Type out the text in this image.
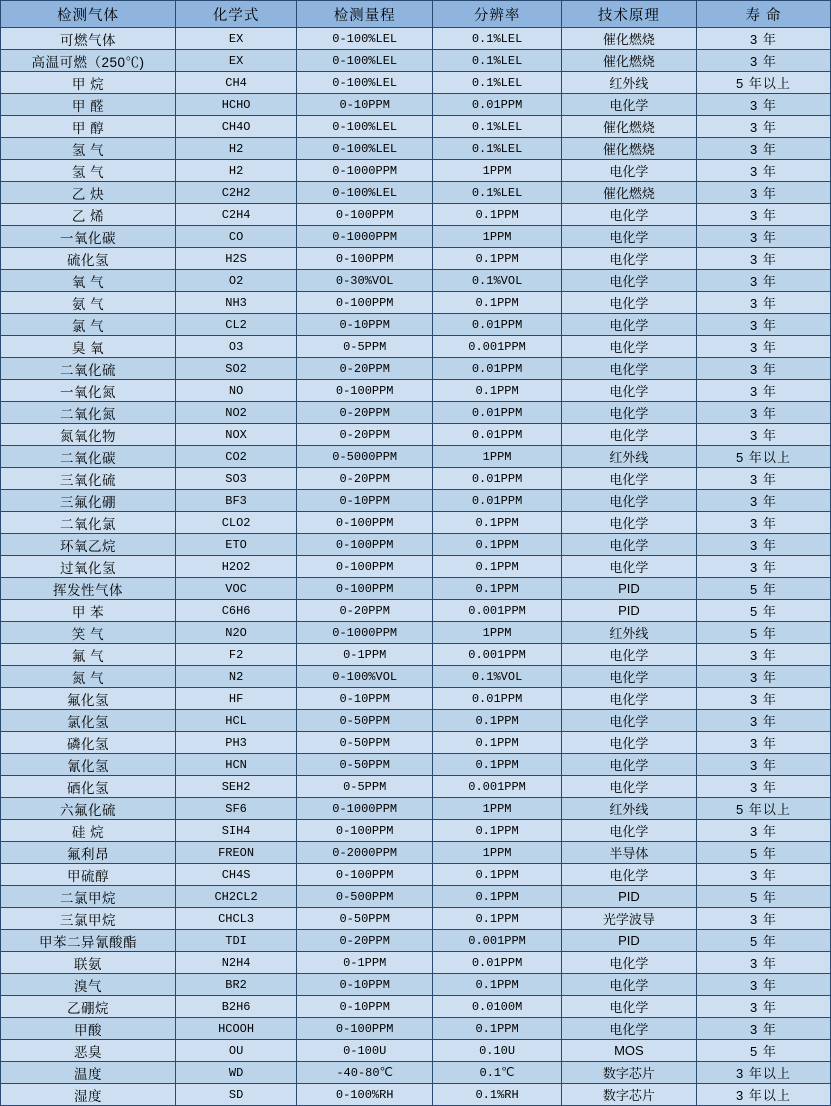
检测气体	化学式	检测量程	分辨率	技术原理	寿 命
可燃气体	EX	0-100%LEL	0.1%LEL	催化燃烧	3 年
高温可燃（250℃)	EX	0-100%LEL	0.1%LEL	催化燃烧	3 年
甲 烷	CH4	0-100%LEL	0.1%LEL	红外线	5 年以上
甲 醛	HCHO	0-10PPM	0.01PPM	电化学	3 年
甲 醇	CH4O	0-100%LEL	0.1%LEL	催化燃烧	3 年
氢 气	H2	0-100%LEL	0.1%LEL	催化燃烧	3 年
氢 气	H2	0-1000PPM	1PPM	电化学	3 年
乙 炔	C2H2	0-100%LEL	0.1%LEL	催化燃烧	3 年
乙 烯	C2H4	0-100PPM	0.1PPM	电化学	3 年
一氧化碳	CO	0-1000PPM	1PPM	电化学	3 年
硫化氢	H2S	0-100PPM	0.1PPM	电化学	3 年
氧 气	O2	0-30%VOL	0.1%VOL	电化学	3 年
氨 气	NH3	0-100PPM	0.1PPM	电化学	3 年
氯 气	CL2	0-10PPM	0.01PPM	电化学	3 年
臭 氧	O3	0-5PPM	0.001PPM	电化学	3 年
二氧化硫	SO2	0-20PPM	0.01PPM	电化学	3 年
一氧化氮	NO	0-100PPM	0.1PPM	电化学	3 年
二氧化氮	NO2	0-20PPM	0.01PPM	电化学	3 年
氮氧化物	NOX	0-20PPM	0.01PPM	电化学	3 年
二氧化碳	CO2	0-5000PPM	1PPM	红外线	5 年以上
三氧化硫	SO3	0-20PPM	0.01PPM	电化学	3 年
三氟化硼	BF3	0-10PPM	0.01PPM	电化学	3 年
二氧化氯	CLO2	0-100PPM	0.1PPM	电化学	3 年
环氧乙烷	ETO	0-100PPM	0.1PPM	电化学	3 年
过氧化氢	H2O2	0-100PPM	0.1PPM	电化学	3 年
挥发性气体	VOC	0-100PPM	0.1PPM	PID	5 年
甲 苯	C6H6	0-20PPM	0.001PPM	PID	5 年
笑 气	N2O	0-1000PPM	1PPM	红外线	5 年
氟 气	F2	0-1PPM	0.001PPM	电化学	3 年
氮 气	N2	0-100%VOL	0.1%VOL	电化学	3 年
氟化氢	HF	0-10PPM	0.01PPM	电化学	3 年
氯化氢	HCL	0-50PPM	0.1PPM	电化学	3 年
磷化氢	PH3	0-50PPM	0.1PPM	电化学	3 年
氰化氢	HCN	0-50PPM	0.1PPM	电化学	3 年
硒化氢	SEH2	0-5PPM	0.001PPM	电化学	3 年
六氟化硫	SF6	0-1000PPM	1PPM	红外线	5 年以上
硅 烷	SIH4	0-100PPM	0.1PPM	电化学	3 年
氟利昂	FREON	0-2000PPM	1PPM	半导体	5 年
甲硫醇	CH4S	0-100PPM	0.1PPM	电化学	3 年
二氯甲烷	CH2CL2	0-500PPM	0.1PPM	PID	5 年
三氯甲烷	CHCL3	0-50PPM	0.1PPM	光学波导	3 年
甲苯二异氰酸酯	TDI	0-20PPM	0.001PPM	PID	5 年
联氨	N2H4	0-1PPM	0.01PPM	电化学	3 年
溴气	BR2	0-10PPM	0.1PPM	电化学	3 年
乙硼烷	B2H6	0-10PPM	0.0100M	电化学	3 年
甲酸	HCOOH	0-100PPM	0.1PPM	电化学	3 年
恶臭	OU	0-100U	0.10U	MOS	5 年
温度	WD	-40-80℃	0.1℃	数字芯片	3 年以上
湿度	SD	0-100%RH	0.1%RH	数字芯片	3 年以上
